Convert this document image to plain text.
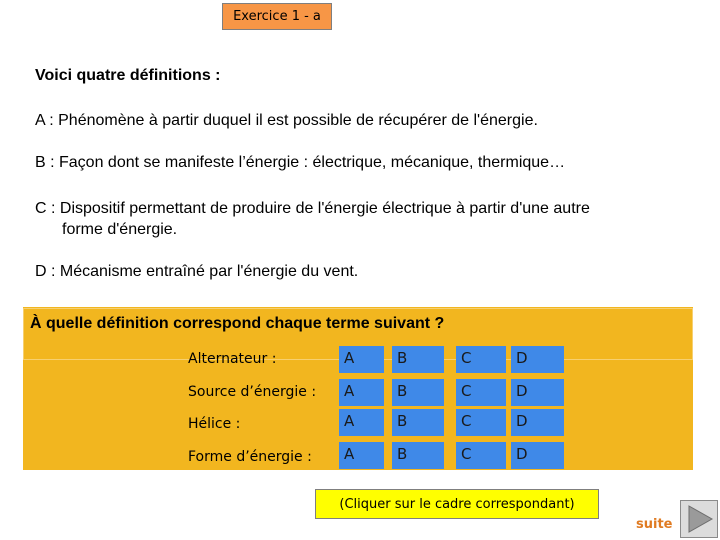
Exercice 1 - a
Voici quatre définitions :
A : Phénomène à partir duquel il est possible de récupérer de l'énergie.
B : Façon dont se manifeste l’énergie : électrique, mécanique, thermique…
C : Dispositif permettant de produire de l'énergie électrique à partir d'une autre
forme d'énergie.
D : Mécanisme entraîné par l'énergie du vent.
À quelle définition correspond chaque terme suivant ?
Alternateur :	A	B	C	D
Source d’énergie :	A	B	C	D
Hélice :	A	B	C	D
Forme d’énergie :	A	B	C	D
(Cliquer sur le cadre correspondant)
suite
